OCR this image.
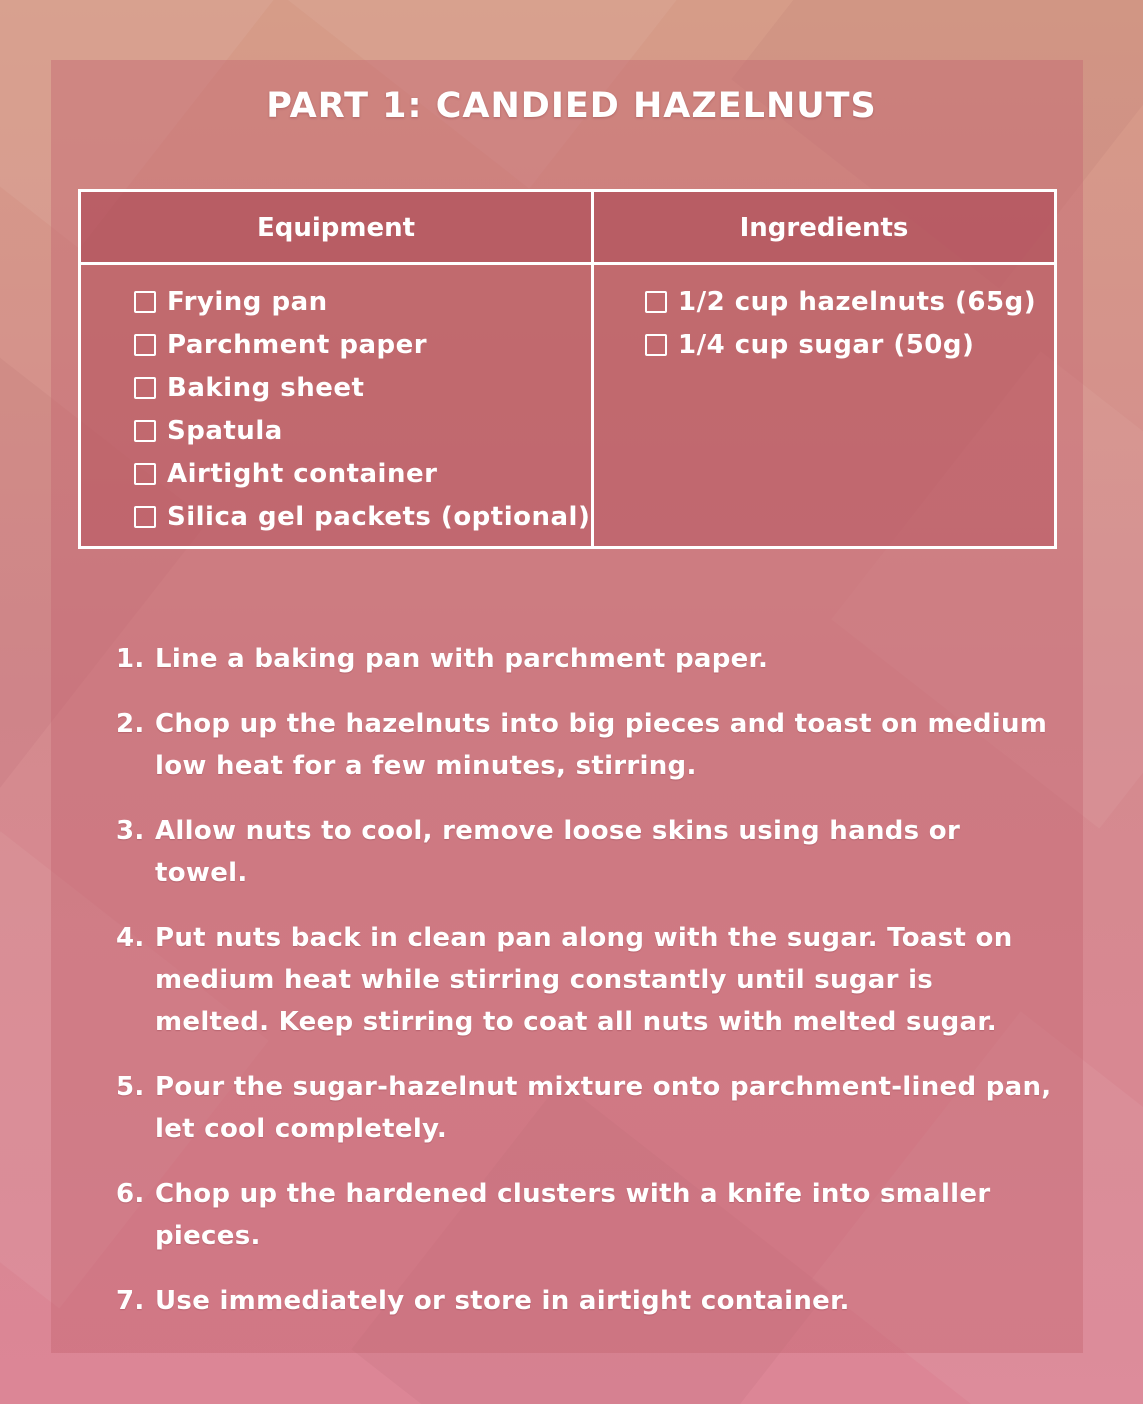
PART 1: CANDIED HAZELNUTS
Equipment	Ingredients
Frying pan
Parchment paper
Baking sheet
Spatula
Airtight container
Silica gel packets (optional)
1/2 cup hazelnuts (65g)
1/4 cup sugar (50g)
1. Line a baking pan with parchment paper.
2. Chop up the hazelnuts into big pieces and toast on medium low heat for a few minutes, stirring.
3. Allow nuts to cool, remove loose skins using hands or towel.
4. Put nuts back in clean pan along with the sugar. Toast on medium heat while stirring constantly until sugar is melted. Keep stirring to coat all nuts with melted sugar.
5. Pour the sugar-hazelnut mixture onto parchment-lined pan, let cool completely.
6. Chop up the hardened clusters with a knife into smaller pieces.
7. Use immediately or store in airtight container.
